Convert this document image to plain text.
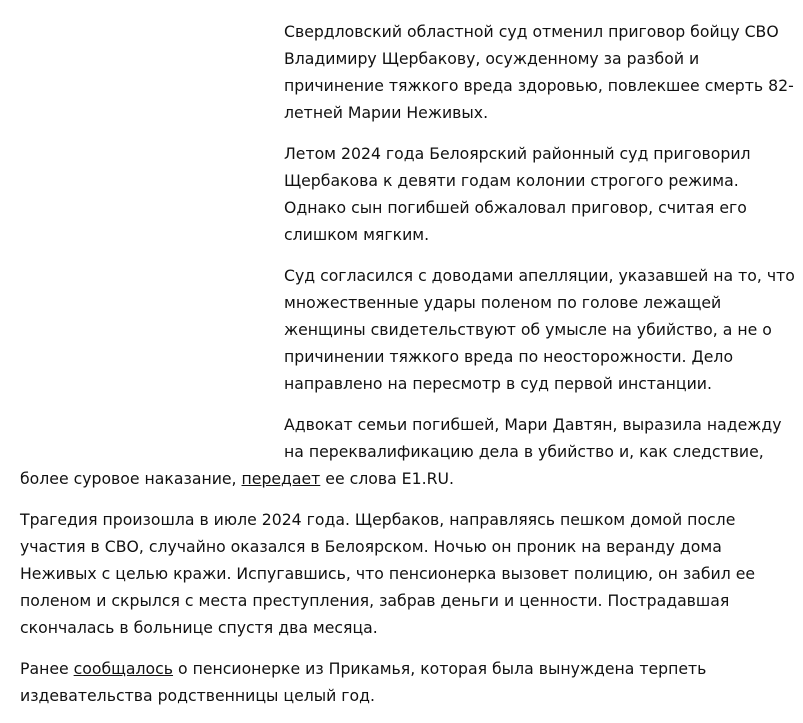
Свердловский областной суд отменил приговор бойцу СВО Владимиру Щербакову, осужденному за разбой и причинение тяжкого вреда здоровью, повлекшее смерть 82-летней Марии Неживых.

Летом 2024 года Белоярский районный суд приговорил Щербакова к девяти годам колонии строгого режима. Однако сын погибшей обжаловал приговор, считая его слишком мягким.

Суд согласился с доводами апелляции, указавшей на то, что множественные удары поленом по голове лежащей женщины свидетельствуют об умысле на убийство, а не о причинении тяжкого вреда по неосторожности. Дело направлено на пересмотр в суд первой инстанции.

Адвокат семьи погибшей, Мари Давтян, выразила надежду на переквалификацию дела в убийство и, как следствие, более суровое наказание, передает ее слова E1.RU.

Трагедия произошла в июле 2024 года. Щербаков, направляясь пешком домой после участия в СВО, случайно оказался в Белоярском. Ночью он проник на веранду дома Неживых с целью кражи. Испугавшись, что пенсионерка вызовет полицию, он забил ее поленом и скрылся с места преступления, забрав деньги и ценности. Пострадавшая скончалась в больнице спустя два месяца.

Ранее сообщалось о пенсионерке из Прикамья, которая была вынуждена терпеть издевательства родственницы целый год.
